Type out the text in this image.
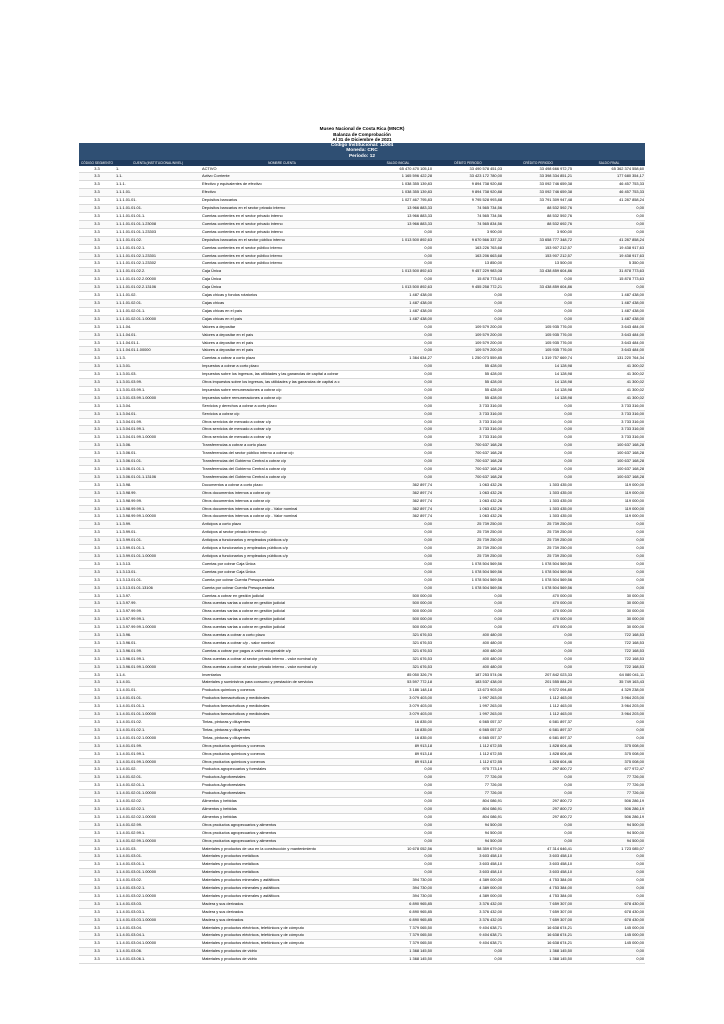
Museo Nacional de Costa Rica (MNCR)
Balanza de Comprobación
Al 31 de Diciembre de 2021
Código Institucional: 12004
Moneda: CRC
Período: 12
CÓDIGO SEGMENTO	CUENTA (INSTITUCIONAL/NIVEL)	NOMBRE CUENTA	SALDO INICIAL	DÉBITO PERIODO	CRÉDITO PERIODO	SALDO FINAL
3.3	1.	ACTIVO	65 470 470 105,10	33 490 578 451,03	33 498 666 972,75	65 362 374 558,60
3.3	1.1.	Activo Corriente	1 165 596 422,28	33 423 172 780,00	33 398 334 851,21	177 680 354,17
3.3	1.1.1.	Efectivo y equivalentes de efectivo	1 038 355 139,83	9 894 738 920,88	33 092 746 659,38	46 457 753,33
3.3	1.1.1.01.	Efectivo	1 038 355 139,83	9 894 738 920,88	33 092 746 659,38	46 457 753,33
3.3	1.1.1.01.01.	Depósitos bancarios	1 027 467 795,83	9 795 528 993,88	33 791 309 947,48	41 287 858,24
3.3	1.1.1.01.01.01.	Depósitos bancarios en el sector privado interno	13 966 883,33	74 565 734,56	88 532 592,76	0,00
3.3	1.1.1.01.01.01.1.	Cuentas corrientes en el sector privado interno	13 966 883,33	74 565 734,56	88 532 592,76	0,00
3.3	1.1.1.01.01.01.1.23008	Cuentas corrientes en el sector privado interno	13 966 883,33	74 565 834,56	88 532 692,76	0,00
3.3	1.1.1.01.01.01.1.23303	Cuentas corrientes en el sector privado interno	0,00	3 900,00	3 900,00	0,00
3.3	1.1.1.01.01.02.	Depósitos bancarios en el sector público interno	1 013 500 892,63	9 670 566 337,32	33 658 777 348,72	41 287 858,24
3.3	1.1.1.01.01.02.1.	Cuentas corrientes en el sector público interno	0,00	163 226 763,68	153 907 212,57	19 438 917,63
3.3	1.1.1.01.01.02.1.23301	Cuentas corrientes en el sector público interno	0,00	163 206 663,68	153 907 212,57	19 438 917,63
3.3	1.1.1.01.01.02.1.23302	Cuentas corrientes en el sector público interno	0,00	13 850,00	13 500,00	5 350,00
3.3	1.1.1.01.01.02.2.	Caja Única	1 013 500 892,63	9 457 229 983,08	33 438 859 604,86	31 878 773,63
3.3	1.1.1.01.01.02.2.00000	Caja Única	0,00	15 878 773,63	0,00	15 878 773,63
3.3	1.1.1.01.01.02.2.13106	Caja Única	1 013 500 892,63	9 455 258 772,21	33 438 859 604,86	0,00
3.3	1.1.1.01.02.	Cajas chicas y fondos rotatorios	1 487 438,00	0,00	0,00	1 487 438,00
3.3	1.1.1.01.02.01.	Cajas chicas	1 487 438,00	0,00	0,00	1 487 438,00
3.3	1.1.1.01.02.01.1.	Cajas chicas en el país	1 487 438,00	0,00	0,00	1 487 438,00
3.3	1.1.1.01.02.01.1.00000	Cajas chicas en el país	1 487 438,00	0,00	0,00	1 487 438,00
3.3	1.1.1.04.	Valores a depositar	0,00	109 579 200,00	105 935 776,00	3 643 484,00
3.3	1.1.1.04.01.	Valores a depositar en el país	0,00	109 579 200,00	105 935 776,00	3 643 484,00
3.3	1.1.1.04.01.1.	Valores a depositar en el país	0,00	109 579 200,00	105 935 776,00	3 643 484,00
3.3	1.1.1.04.01.1.00000	Valores a depositar en el país	0,00	109 579 200,00	105 935 776,00	3 643 484,00
3.3	1.1.3.	Cuentas a cobrar a corto plazo	1 364 634,27	1 250 073 559,85	1 319 757 669,74	131 220 764,34
3.3	1.1.3.01.	Impuestos a cobrar a corto plazo	0,00	55 428,00	14 128,98	41 300,02
3.3	1.1.3.01.03.	Impuestos sobre los ingresos, las utilidades y las ganancias de capital a cobrar	0,00	55 428,00	14 128,98	41 300,02
3.3	1.1.3.01.03.99.	Otros impuestos sobre los ingresos, las utilidades y las ganancias de capital a c	0,00	55 428,00	14 128,98	41 300,02
3.3	1.1.3.01.03.99.1.	Impuestos sobre remuneraciones a cobrar c/p	0,00	55 428,00	14 128,98	41 300,02
3.3	1.1.3.01.03.99.1.00000	Impuestos sobre remuneraciones a cobrar c/p	0,00	55 428,00	14 128,98	41 300,02
3.3	1.1.3.04.	Servicios y derechos a cobrar a corto plazo	0,00	3 733 316,00	0,00	3 733 316,00
3.3	1.1.3.04.01.	Servicios a cobrar c/p	0,00	3 733 316,00	0,00	3 733 316,00
3.3	1.1.3.04.01.99.	Otros servicios de mercado a cobrar c/p	0,00	3 733 316,00	0,00	3 733 316,00
3.3	1.1.3.04.01.99.1.	Otros servicios de mercado a cobrar c/p	0,00	3 733 316,00	0,00	3 733 316,00
3.3	1.1.3.04.01.99.1.00000	Otros servicios de mercado a cobrar c/p	0,00	3 733 316,00	0,00	3 733 316,00
3.3	1.1.3.06.	Transferencias a cobrar a corto plazo	0,00	700 637 168,28	0,00	100 637 168,28
3.3	1.1.3.06.01.	Transferencias del sector público interno a cobrar c/p	0,00	700 637 168,28	0,00	100 637 168,28
3.3	1.1.3.06.01.01.	Transferencias del Gobierno Central a cobrar c/p	0,00	700 637 168,28	0,00	100 637 168,28
3.3	1.1.3.06.01.01.1.	Transferencias del Gobierno Central a cobrar c/p	0,00	700 637 168,28	0,00	100 637 168,28
3.3	1.1.3.06.01.01.1.13106	Transferencias del Gobierno Central a cobrar c/p	0,00	700 637 168,28	0,00	100 637 168,28
3.3	1.1.3.98.	Documentos a cobrar a corto plazo	362 897,74	1 063 432,26	1 303 435,00	119 000,00
3.3	1.1.3.98.99.	Otros documentos internos a cobrar c/p	362 897,74	1 063 432,26	1 303 435,00	119 000,00
3.3	1.1.3.98.99.99.	Otros documentos internos a cobrar c/p	362 897,74	1 063 432,26	1 303 435,00	119 000,00
3.3	1.1.3.98.99.99.1.	Otros documentos internos a cobrar c/p - Valor nominal	362 897,74	1 063 432,26	1 303 435,00	119 000,00
3.3	1.1.3.98.99.99.1.00000	Otros documentos internos a cobrar c/p - Valor nominal	362 897,74	1 063 432,26	1 303 435,00	119 000,00
3.3	1.1.3.99.	Anticipos a corto plazo	0,00	25 739 250,00	25 739 250,00	0,00
3.3	1.1.3.99.01.	Anticipos al sector privado interno c/p	0,00	25 739 250,00	25 739 250,00	0,00
3.3	1.1.3.99.01.01.	Anticipos a funcionarios y empleados públicos c/p	0,00	25 739 250,00	25 739 250,00	0,00
3.3	1.1.3.99.01.01.1.	Anticipos a funcionarios y empleados públicos c/p	0,00	25 739 250,00	25 739 250,00	0,00
3.3	1.1.3.99.01.01.1.00000	Anticipos a funcionarios y empleados públicos c/p	0,00	25 739 250,00	25 739 250,00	0,00
3.3	1.1.3.13.	Cuentas por cobrar Caja Única	0,00	1 078 504 569,56	1 078 504 569,56	0,00
3.3	1.1.3.13.01.	Cuentas por cobrar Caja Única	0,00	1 078 504 569,56	1 078 504 569,56	0,00
3.3	1.1.3.13.01.01.	Cuenta por cobrar Cuenta Presupuestaria	0,00	1 078 504 569,56	1 078 504 569,56	0,00
3.3	1.1.3.13.01.01.13106	Cuenta por cobrar Cuenta Presupuestaria	0,00	1 078 504 569,56	1 078 504 569,56	0,00
3.3	1.1.3.97.	Cuentas a cobrar en gestión judicial	500 000,00	0,00	470 000,00	30 000,00
3.3	1.1.3.97.99.	Otras cuentas varias a cobrar en gestión judicial	500 000,00	0,00	470 000,00	30 000,00
3.3	1.1.3.97.99.99.	Otras cuentas varias a cobrar en gestión judicial	500 000,00	0,00	470 000,00	30 000,00
3.3	1.1.3.97.99.99.1.	Otras cuentas varias a cobrar en gestión judicial	500 000,00	0,00	470 000,00	30 000,00
3.3	1.1.3.97.99.99.1.00000	Otras cuentas varias a cobrar en gestión judicial	500 000,00	0,00	470 000,00	30 000,00
3.3	1.1.3.96.	Otras cuentas a cobrar a corto plazo	321 676,53	400 480,00	0,00	722 168,53
3.3	1.1.3.96.01.	Otras cuentas a cobrar c/p - valor nominal	321 676,53	400 480,00	0,00	722 168,53
3.3	1.1.3.96.01.99.	Cuentas a cobrar por pagos a valor recuperable c/p	321 676,53	400 480,00	0,00	722 168,53
3.3	1.1.3.96.01.99.1.	Otras cuentas a cobrar al sector privado interno - valor nominal c/p	321 676,53	400 480,00	0,00	722 168,53
3.3	1.1.3.96.01.99.1.00000	Otras cuentas a cobrar al sector privado interno - valor nominal c/p	321 676,53	400 480,00	0,00	722 168,53
3.3	1.1.4.	Inventarios	85 050 326,79	187 253 574,06	207 842 023,33	64 080 041,11
3.3	1.1.4.01.	Materiales y suministros para consumo y prestación de servicios	53 597 772,18	183 537 438,00	201 555 884,20	35 749 163,43
3.3	1.1.4.01.01.	Productos químicos y conexos	3 186 148,18	13 673 903,00	9 572 094,80	4 329 238,00
3.3	1.1.4.01.01.01.	Productos farmacéuticos y medicinales	3 079 403,00	1 997 263,00	1 112 463,00	3 964 203,00
3.3	1.1.4.01.01.01.1.	Productos farmacéuticos y medicinales	3 079 403,00	1 997 263,00	1 112 463,00	3 964 203,00
3.3	1.1.4.01.01.01.1.00000	Productos farmacéuticos y medicinales	3 079 403,00	1 997 263,00	1 112 463,00	3 964 203,00
3.3	1.1.4.01.01.02.	Tintas, pinturas y diluyentes	16 835,00	6 565 057,37	6 581 897,37	0,00
3.3	1.1.4.01.01.02.1.	Tintas, pinturas y diluyentes	16 835,00	6 565 057,37	6 581 897,37	0,00
3.3	1.1.4.01.01.02.1.00000	Tintas, pinturas y diluyentes	16 835,00	6 565 057,37	6 581 897,37	0,00
3.3	1.1.4.01.01.99.	Otros productos químicos y conexos	89 913,18	1 112 672,55	1 828 604,46	375 008,00
3.3	1.1.4.01.01.99.1.	Otros productos químicos y conexos	89 913,18	1 112 672,55	1 828 604,46	375 008,00
3.3	1.1.4.01.01.99.1.00000	Otros productos químicos y conexos	89 913,18	1 112 672,55	1 828 604,46	375 008,00
3.3	1.1.4.01.02.	Productos agropecuarios y forestales	0,00	975 773,19	297 800,72	677 972,47
3.3	1.1.4.01.02.01.	Productos Agroforestales	0,00	77 726,00	0,00	77 726,00
3.3	1.1.4.01.02.01.1.	Productos Agroforestales	0,00	77 726,00	0,00	77 726,00
3.3	1.1.4.01.02.01.1.00000	Productos Agroforestales	0,00	77 726,00	0,00	77 726,00
3.3	1.1.4.01.02.02.	Alimentos y bebidas	0,00	804 086,91	297 800,72	506 286,19
3.3	1.1.4.01.02.02.1.	Alimentos y bebidas	0,00	804 086,91	297 800,72	506 286,19
3.3	1.1.4.01.02.02.1.00000	Alimentos y bebidas	0,00	804 086,91	297 800,72	506 286,19
3.3	1.1.4.01.02.99.	Otros productos agropecuarios y alimentos	0,00	94 500,00	0,00	94 500,00
3.3	1.1.4.01.02.99.1.	Otros productos agropecuarios y alimentos	0,00	94 500,00	0,00	94 500,00
3.3	1.1.4.01.02.99.1.00000	Otros productos agropecuarios y alimentos	0,00	94 500,00	0,00	94 500,00
3.3	1.1.4.01.03.	Materiales y productos de uso en la construcción y mantenimiento	10 678 052,56	58 359 679,00	47 314 646,41	1 723 085,07
3.3	1.1.4.01.03.01.	Materiales y productos metálicos	0,00	3 603 458,10	3 603 458,10	0,00
3.3	1.1.4.01.03.01.1.	Materiales y productos metálicos	0,00	3 603 458,10	3 603 458,10	0,00
3.3	1.1.4.01.03.01.1.00000	Materiales y productos metálicos	0,00	3 603 458,10	3 603 458,10	0,00
3.3	1.1.4.01.03.02.	Materiales y productos minerales y asfálticos	394 730,00	4 389 000,00	4 753 384,00	0,00
3.3	1.1.4.01.03.02.1.	Materiales y productos minerales y asfálticos	394 730,00	4 389 000,00	4 753 384,00	0,00
3.3	1.1.4.01.03.02.1.00000	Materiales y productos minerales y asfálticos	394 730,00	4 389 000,00	4 753 384,00	0,00
3.3	1.1.4.01.03.03.	Madera y sus derivados	6 890 965,85	3 376 432,00	7 659 307,00	678 430,00
3.3	1.1.4.01.03.03.1.	Madera y sus derivados	6 890 965,85	3 376 432,00	7 659 307,00	678 430,00
3.3	1.1.4.01.03.03.1.00000	Madera y sus derivados	6 890 965,85	3 376 432,00	7 659 307,00	678 430,00
3.3	1.1.4.01.03.04.	Materiales y productos eléctricos, telefónicos y de cómputo	7 379 065,50	9 404 638,71	16 638 674,21	145 000,00
3.3	1.1.4.01.03.04.1.	Materiales y productos eléctricos, telefónicos y de cómputo	7 379 065,50	9 404 638,71	16 638 674,21	145 000,00
3.3	1.1.4.01.03.04.1.00000	Materiales y productos eléctricos, telefónicos y de cómputo	7 379 065,50	9 404 638,71	16 638 674,21	145 000,00
3.3	1.1.4.01.03.06.	Materiales y productos de vidrio	1 368 145,50	0,00	1 368 145,50	0,00
3.3	1.1.4.01.03.06.1.	Materiales y productos de vidrio	1 368 145,50	0,00	1 368 145,50	0,00
